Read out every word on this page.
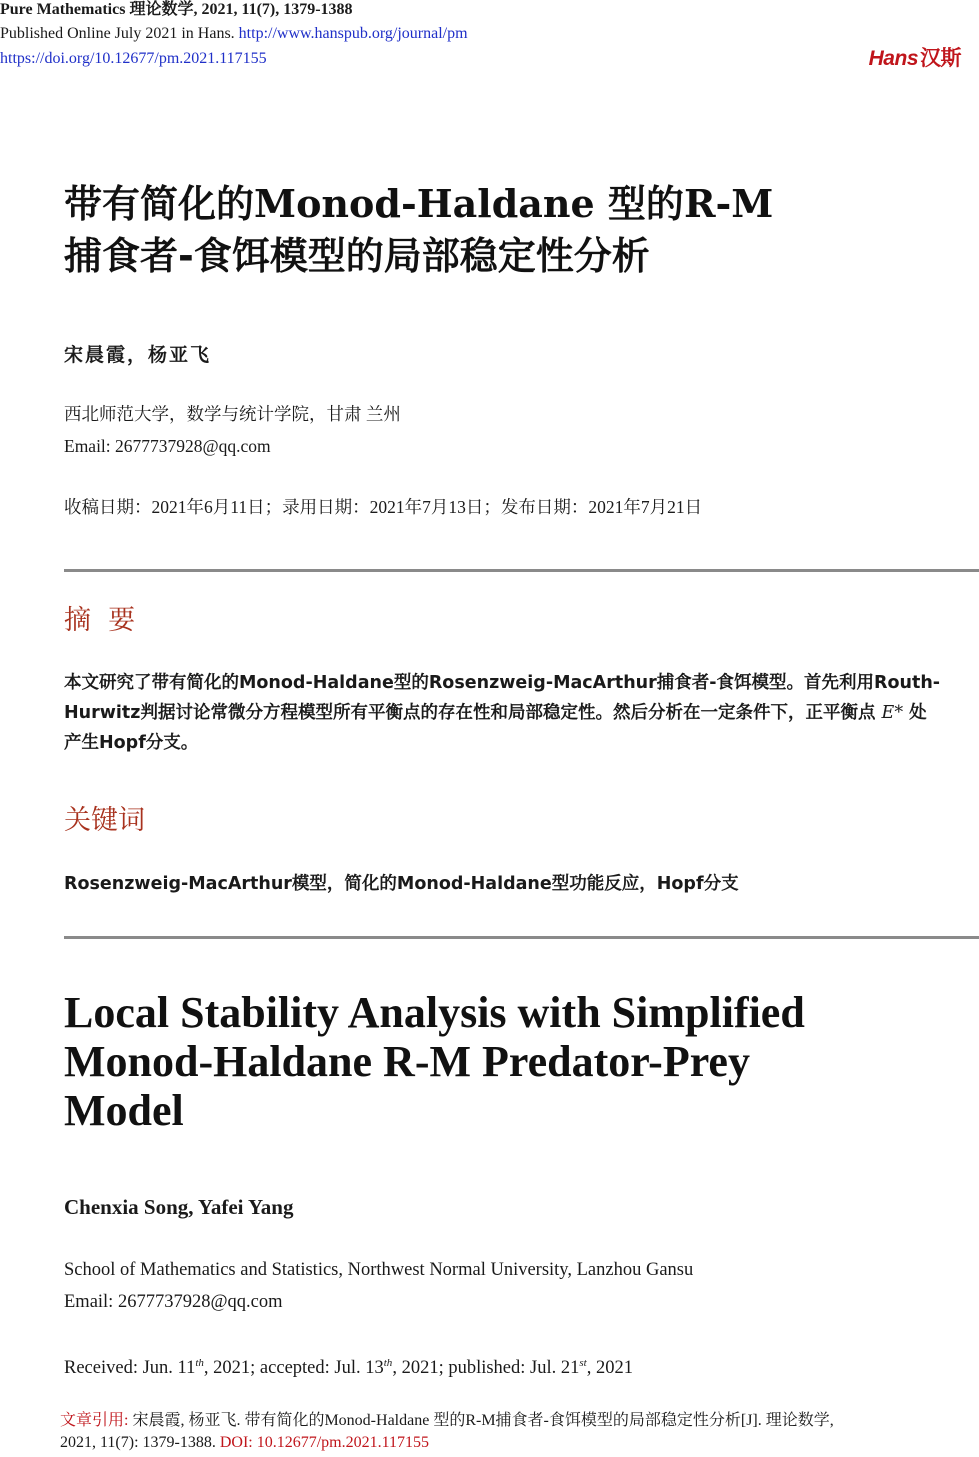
Pure Mathematics 理论数学, 2021, 11(7), 1379-1388
Published Online July 2021 in Hans. http://www.hanspub.org/journal/pm
https://doi.org/10.12677/pm.2021.117155	Hans汉斯
带有简化的Monod-Haldane 型的R-M
捕食者-食饵模型的局部稳定性分析
宋晨霞，杨亚飞
西北师范大学，数学与统计学院，甘肃 兰州
Email: 2677737928@qq.com
收稿日期：2021年6月11日；录用日期：2021年7月13日；发布日期：2021年7月21日
摘  要
本文研究了带有简化的Monod-Haldane型的Rosenzweig-MacArthur捕食者-食饵模型。首先利用Routh-Hurwitz判据讨论常微分方程模型所有平衡点的存在性和局部稳定性。然后分析在一定条件下，正平衡点 E* 处产生Hopf分支。
关键词
Rosenzweig-MacArthur模型，简化的Monod-Haldane型功能反应，Hopf分支
Local Stability Analysis with Simplified
Monod-Haldane R-M Predator-Prey
Model
Chenxia Song, Yafei Yang
School of Mathematics and Statistics, Northwest Normal University, Lanzhou Gansu
Email: 2677737928@qq.com
Received: Jun. 11th, 2021; accepted: Jul. 13th, 2021; published: Jul. 21st, 2021
文章引用: 宋晨霞, 杨亚飞. 带有简化的Monod-Haldane 型的R-M捕食者-食饵模型的局部稳定性分析[J]. 理论数学,
2021, 11(7): 1379-1388. DOI: 10.12677/pm.2021.117155
